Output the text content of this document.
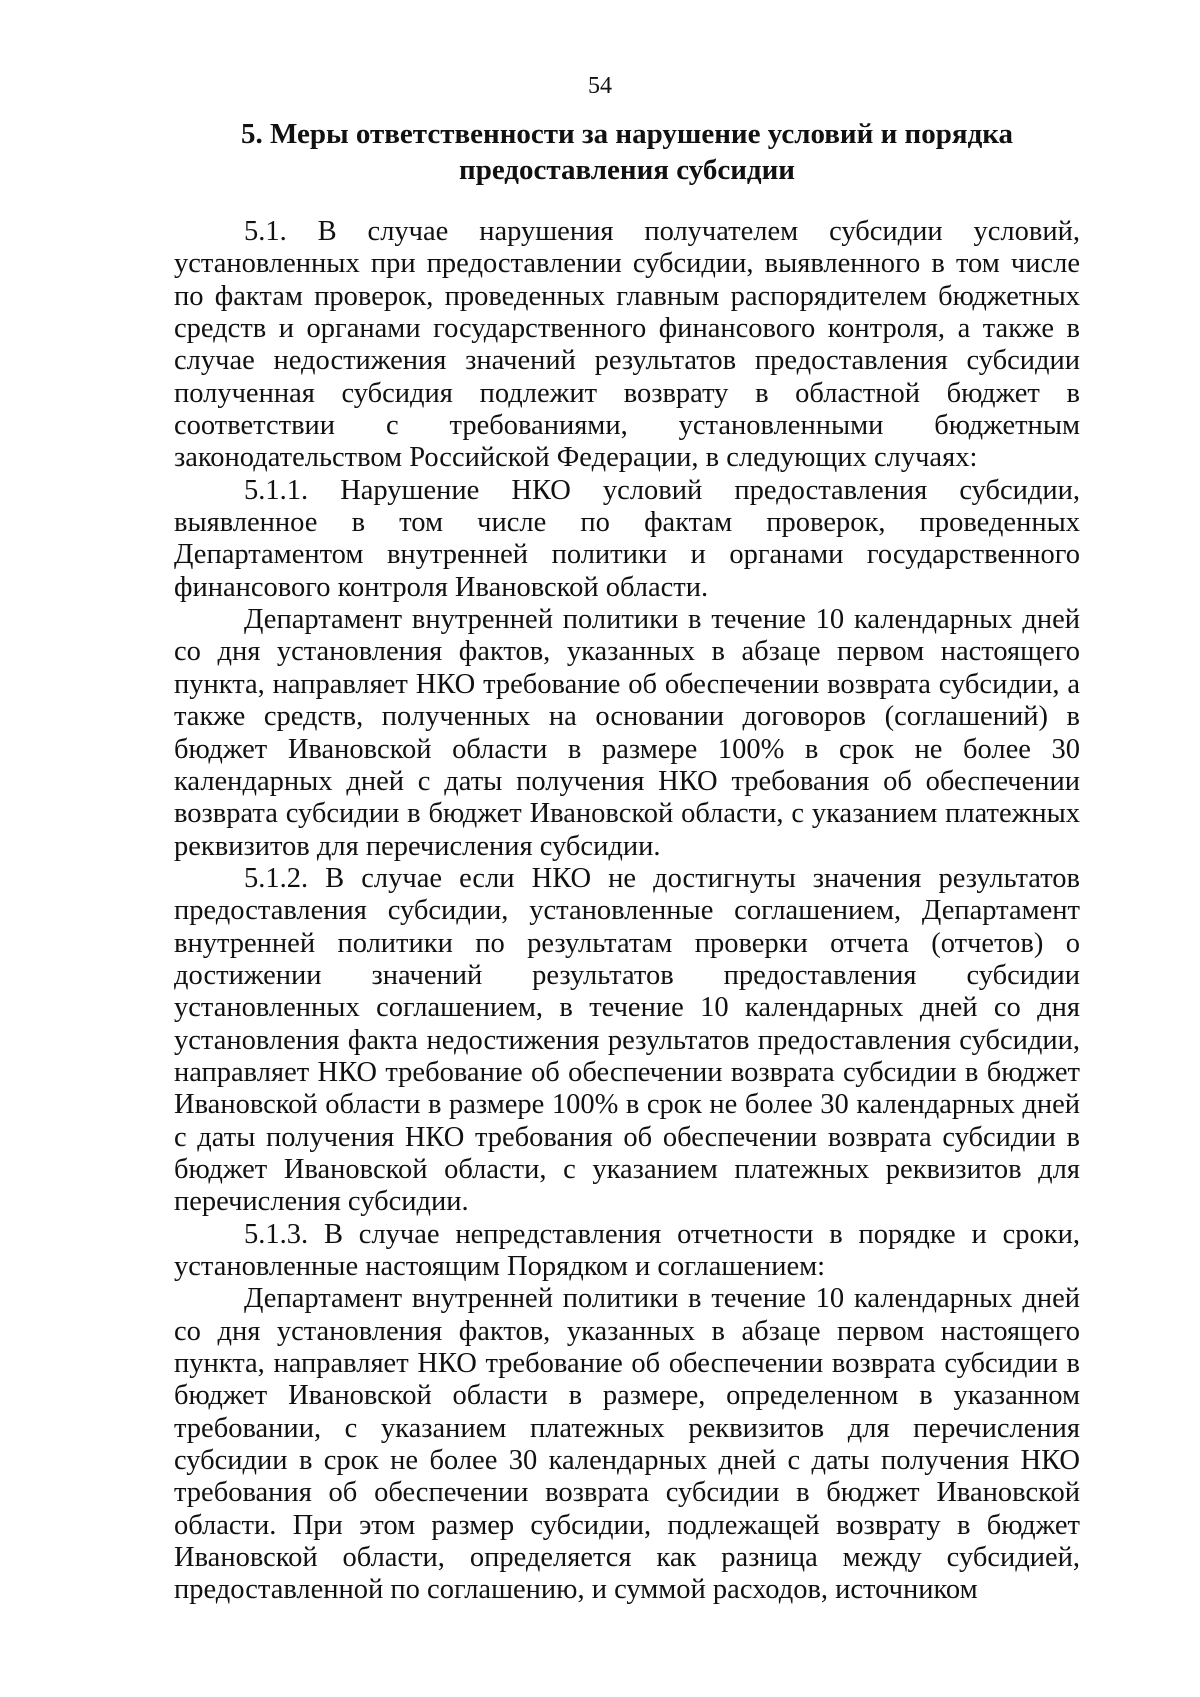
54
5. Меры ответственности за нарушение условий и порядка
предоставления субсидии

5.1. В случае нарушения получателем субсидии условий, установленных при предоставлении субсидии, выявленного в том числе по фактам проверок, проведенных главным распорядителем бюджетных средств и органами государственного финансового контроля, а также в случае недостижения значений результатов предоставления субсидии полученная субсидия подлежит возврату в областной бюджет в соответствии с требованиями, установленными бюджетным законодательством Российской Федерации, в следующих случаях:

5.1.1. Нарушение НКО условий предоставления субсидии, выявленное в том числе по фактам проверок, проведенных Департаментом внутренней политики и органами государственного финансового контроля Ивановской области.

Департамент внутренней политики в течение 10 календарных дней со дня установления фактов, указанных в абзаце первом настоящего пункта, направляет НКО требование об обеспечении возврата субсидии, а также средств, полученных на основании договоров (соглашений) в бюджет Ивановской области в размере 100% в срок не более 30 календарных дней с даты получения НКО требования об обеспечении возврата субсидии в бюджет Ивановской области, с указанием платежных реквизитов для перечисления субсидии.

5.1.2. В случае если НКО не достигнуты значения результатов предоставления субсидии, установленные соглашением, Департамент внутренней политики по результатам проверки отчета (отчетов) о достижении значений результатов предоставления субсидии установленных соглашением, в течение 10 календарных дней со дня установления факта недостижения результатов предоставления субсидии, направляет НКО требование об обеспечении возврата субсидии в бюджет Ивановской области в размере 100% в срок не более 30 календарных дней с даты получения НКО требования об обеспечении возврата субсидии в бюджет Ивановской области, с указанием платежных реквизитов для перечисления субсидии.

5.1.3. В случае непредставления отчетности в порядке и сроки, установленные настоящим Порядком и соглашением:

Департамент внутренней политики в течение 10 календарных дней со дня установления фактов, указанных в абзаце первом настоящего пункта, направляет НКО требование об обеспечении возврата субсидии в бюджет Ивановской области в размере, определенном в указанном требовании, с указанием платежных реквизитов для перечисления субсидии в срок не более 30 календарных дней с даты получения НКО требования об обеспечении возврата субсидии в бюджет Ивановской области. При этом размер субсидии, подлежащей возврату в бюджет Ивановской области, определяется как разница между субсидией, предоставленной по соглашению, и суммой расходов, источником
